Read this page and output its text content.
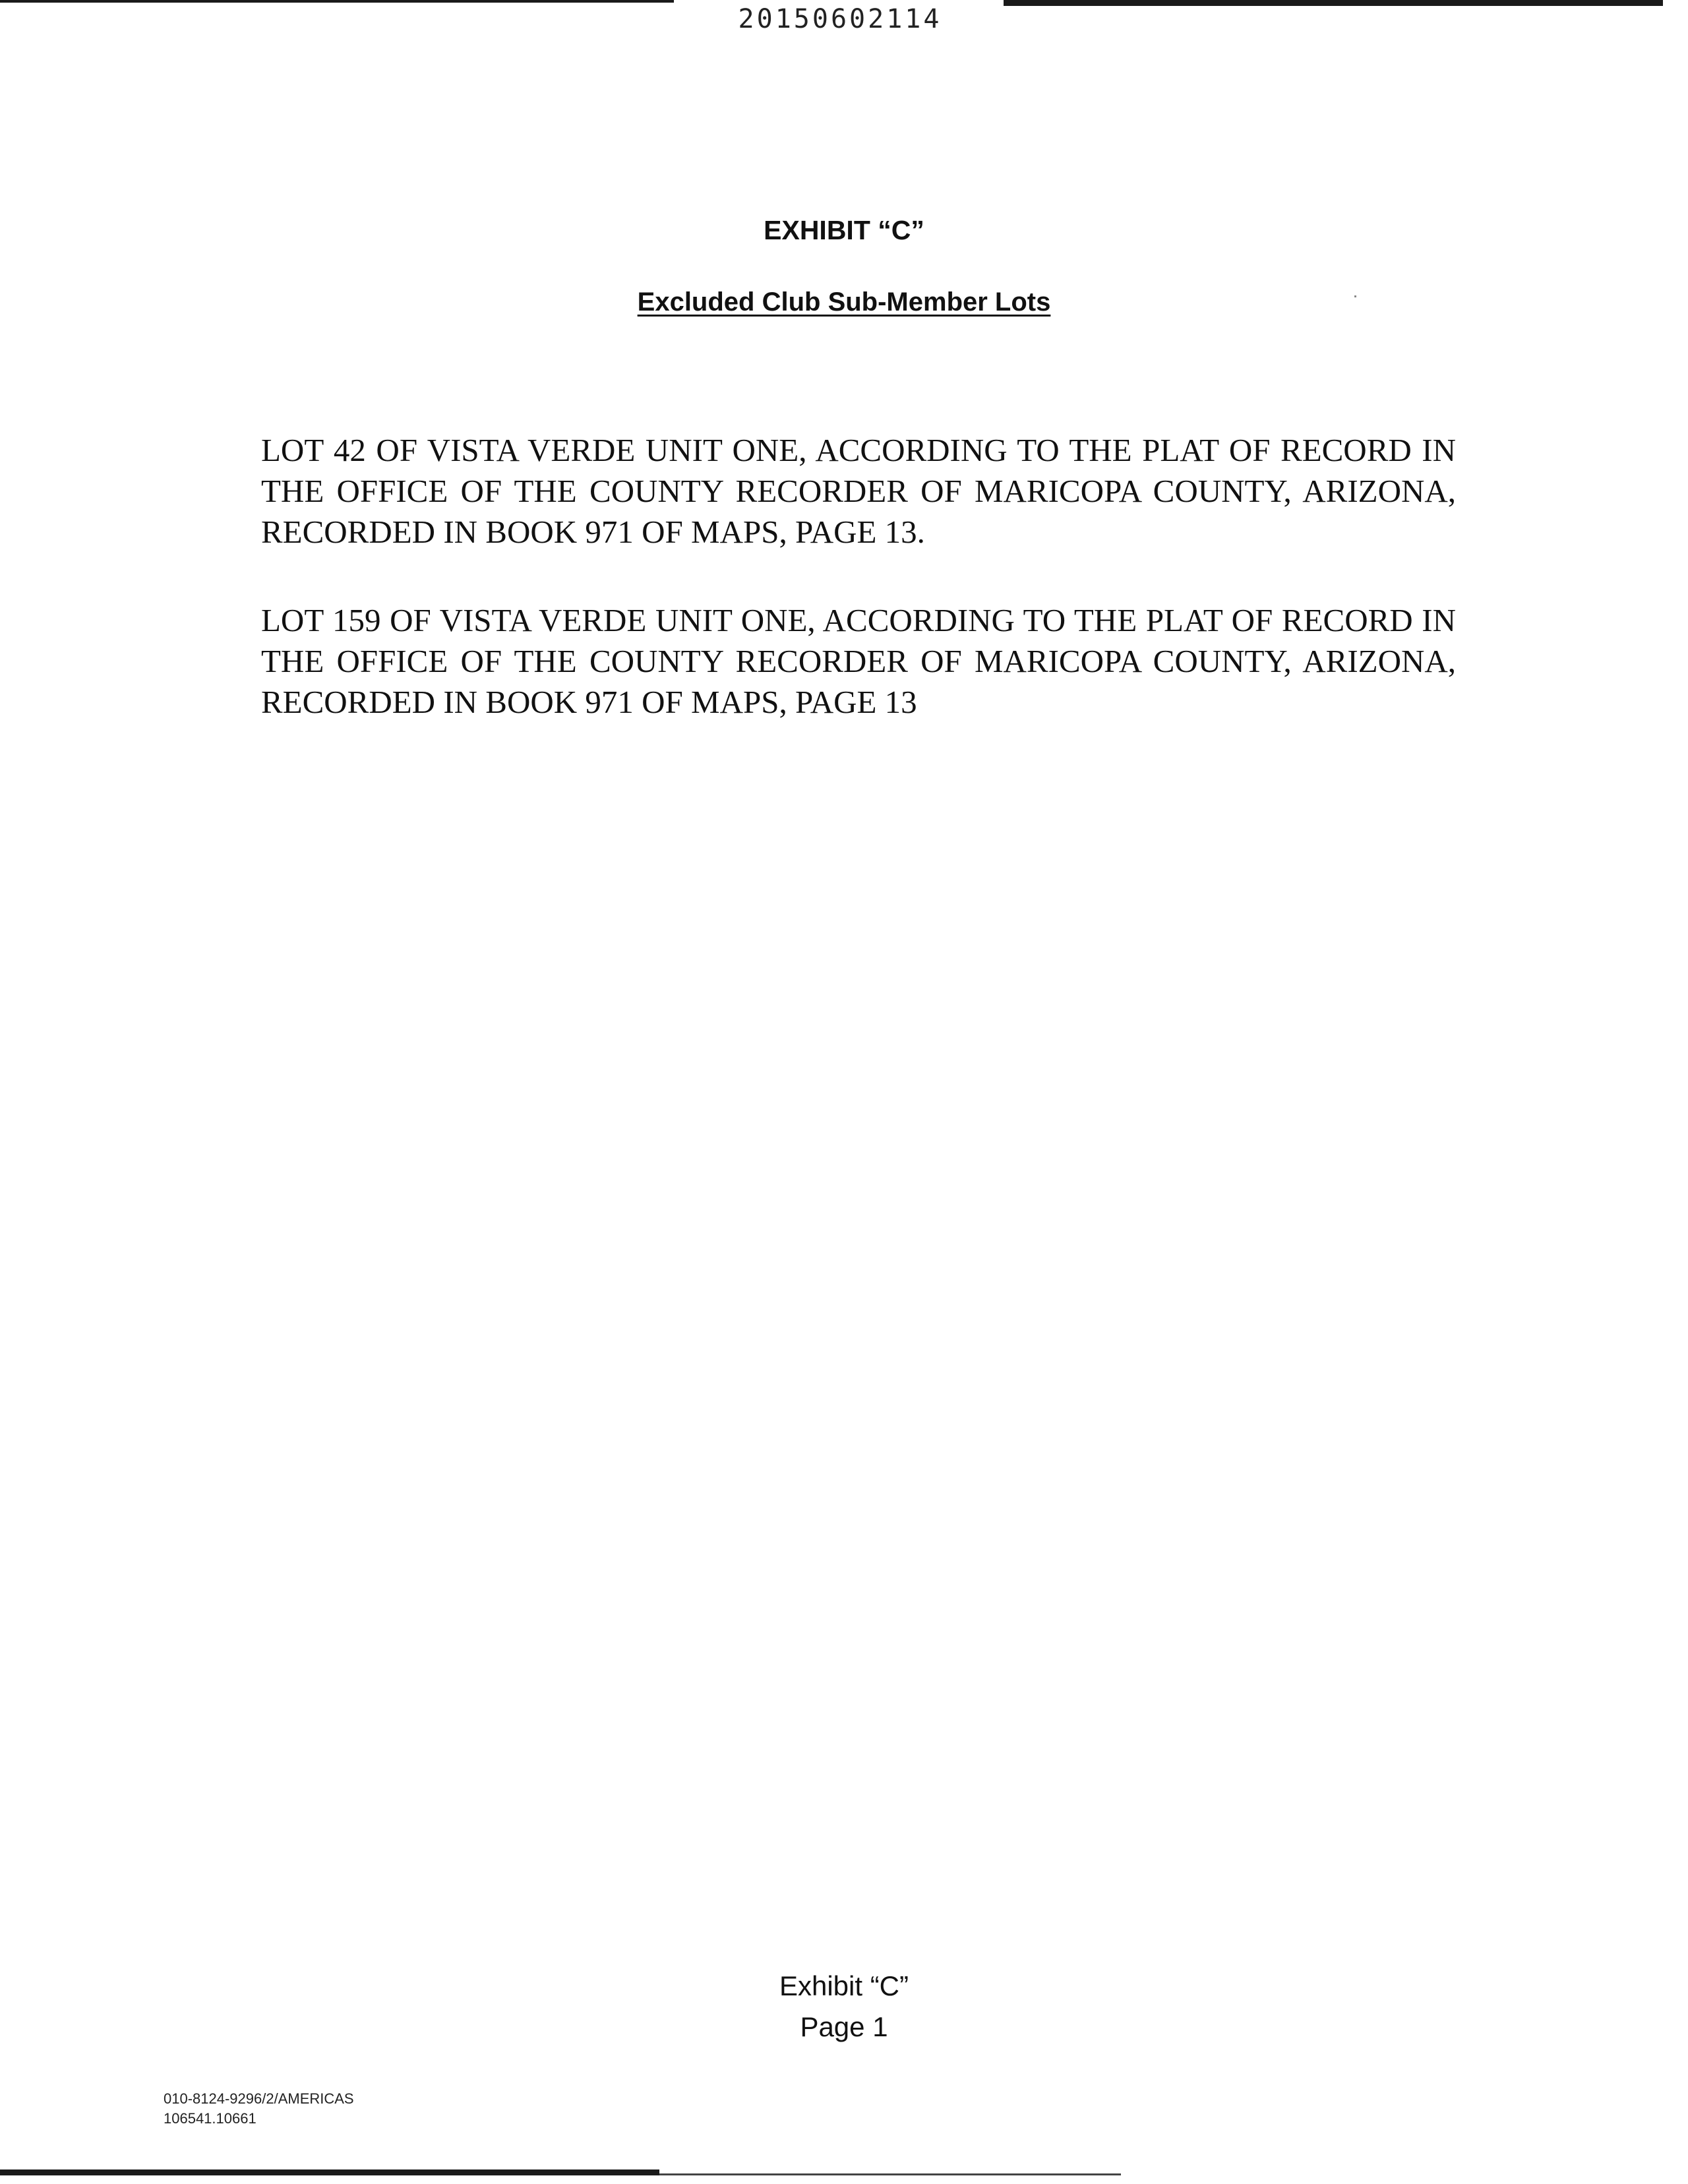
20150602114
EXHIBIT “C”
Excluded Club Sub-Member Lots
LOT 42 OF VISTA VERDE UNIT ONE, ACCORDING TO THE PLAT OF RECORD IN THE OFFICE OF THE COUNTY RECORDER OF MARICOPA COUNTY, ARIZONA, RECORDED IN BOOK 971 OF MAPS, PAGE 13.
LOT 159 OF VISTA VERDE UNIT ONE, ACCORDING TO THE PLAT OF RECORD IN THE OFFICE OF THE COUNTY RECORDER OF MARICOPA COUNTY, ARIZONA, RECORDED IN BOOK 971 OF MAPS, PAGE 13
Exhibit “C”
Page 1
010-8124-9296/2/AMERICAS
106541.10661
